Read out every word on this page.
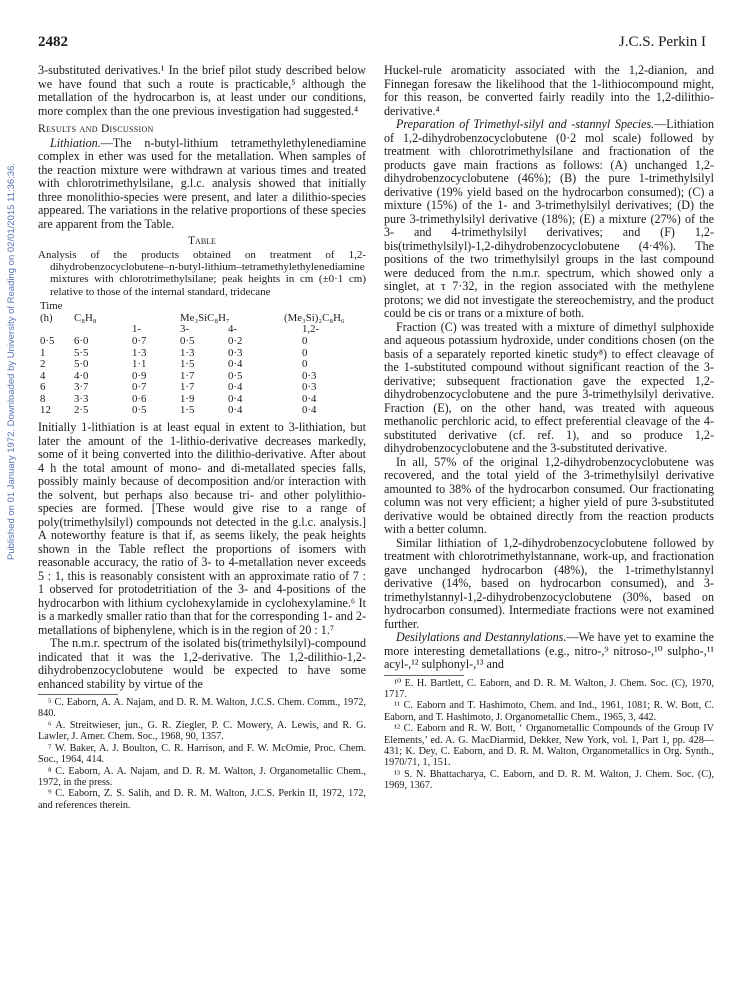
2482	J.C.S. Perkin I
Published on 01 January 1972. Downloaded by University of Reading on 02/01/2015 11:36:36.

3-substituted derivatives.¹ In the brief pilot study described below we have found that such a route is practicable,⁵ although the metallation of the hydrocarbon is, at least under our conditions, more complex than the one previous investigation had suggested.⁴

Results and Discussion

Lithiation.—The n-butyl-lithium tetramethylethylenediamine complex in ether was used for the metallation. When samples of the reaction mixture were withdrawn at various times and treated with chlorotrimethylsilane, g.l.c. analysis showed that initially three monolithio-species were present, and later a dilithio-species appeared. The variations in the relative proportions of these species are apparent from the Table.

Table
Analysis of the products obtained on treatment of 1,2-dihydrobenzocyclobutene–n-butyl-lithium–tetramethylethylenediamine mixtures with chlorotrimethylsilane; peak heights in cm (±0·1 cm) relative to those of the internal standard, tridecane
Time					
(h)	C₈H₈		Me₃SiC₈H₇		(Me₃Si)₂C₈H₆
		1-	3-	4-	1,2-
0·5	6·0	0·7	0·5	0·2	0
1	5·5	1·3	1·3	0·3	0
2	5·0	1·1	1·5	0·4	0
4	4·0	0·9	1·7	0·5	0·3
6	3·7	0·7	1·7	0·4	0·3
8	3·3	0·6	1·9	0·4	0·4
12	2·5	0·5	1·5	0·4	0·4

Initially 1-lithiation is at least equal in extent to 3-lithiation, but later the amount of the 1-lithio-derivative decreases markedly, some of it being converted into the dilithio-derivative. After about 4 h the total amount of mono- and di-metallated species falls, possibly mainly because of decomposition and/or interaction with the solvent, but perhaps also because tri- and other polylithio-species are formed. [These would give rise to a range of poly(trimethylsilyl) compounds not detected in the g.l.c. analysis.] A noteworthy feature is that if, as seems likely, the peak heights shown in the Table reflect the proportions of isomers with reasonable accuracy, the ratio of 3- to 4-metallation never exceeds 5 : 1, this is reasonably consistent with an approximate ratio of 7 : 1 observed for protodetritiation of the 3- and 4-positions of the hydrocarbon with lithium cyclohexylamide in cyclohexylamine.⁶ It is a markedly smaller ratio than that for the corresponding 1- and 2-metallations of biphenylene, which is in the region of 20 : 1.⁷

The n.m.r. spectrum of the isolated bis(trimethylsilyl)-compound indicated that it was the 1,2-derivative. The 1,2-dilithio-1,2-dihydrobenzocyclobutene would be expected to have some enhanced stability by virtue of the

⁵ C. Eaborn, A. A. Najam, and D. R. M. Walton, J.C.S. Chem. Comm., 1972, 840.

⁶ A. Streitwieser, jun., G. R. Ziegler, P. C. Mowery, A. Lewis, and R. G. Lawler, J. Amer. Chem. Soc., 1968, 90, 1357.

⁷ W. Baker, A. J. Boulton, C. R. Harrison, and F. W. McOmie, Proc. Chem. Soc., 1964, 414.

⁸ C. Eaborn, A. A. Najam, and D. R. M. Walton, J. Organometallic Chem., 1972, in the press.

⁹ C. Eaborn, Z. S. Salih, and D. R. M. Walton, J.C.S. Perkin II, 1972, 172, and references therein.

Huckel-rule aromaticity associated with the 1,2-dianion, and Finnegan foresaw the likelihood that the 1-lithiocompound might, for this reason, be converted fairly readily into the 1,2-dilithio-derivative.⁴

Preparation of Trimethyl-silyl and -stannyl Species.—Lithiation of 1,2-dihydrobenzocyclobutene (0·2 mol scale) followed by treatment with chlorotrimethylsilane and fractionation of the products gave main fractions as follows: (A) unchanged 1,2-dihydrobenzocyclobutene (46%); (B) the pure 1-trimethylsilyl derivative (19% yield based on the hydrocarbon consumed); (C) a mixture (15%) of the 1- and 3-trimethylsilyl derivatives; (D) the pure 3-trimethylsilyl derivative (18%); (E) a mixture (27%) of the 3- and 4-trimethylsilyl derivatives; and (F) 1,2-bis(trimethylsilyl)-1,2-dihydrobenzocyclobutene (4·4%). The positions of the two trimethylsilyl groups in the last compound were deduced from the n.m.r. spectrum, which showed only a singlet, at τ 7·32, in the region associated with the methylene protons; we did not investigate the stereochemistry, and the product could be cis or trans or a mixture of both.

Fraction (C) was treated with a mixture of dimethyl sulphoxide and aqueous potassium hydroxide, under conditions chosen (on the basis of a separately reported kinetic study⁸) to effect cleavage of the 1-substituted compound without significant reaction of the 3-derivative; subsequent fractionation gave the expected 1,2-dihydrobenzocyclobutene and the pure 3-trimethylsilyl derivative. Fraction (E), on the other hand, was treated with aqueous methanolic perchloric acid, to effect preferential cleavage of the 4-substituted derivative (cf. ref. 1), and so produce 1,2-dihydrobenzocyclobutene and the 3-substituted derivative.

In all, 57% of the original 1,2-dihydrobenzocyclobutene was recovered, and the total yield of the 3-trimethylsilyl derivative amounted to 38% of the hydrocarbon consumed. Our fractionating column was not very efficient; a higher yield of pure 3-substituted derivative would be obtained directly from the reaction products with a better column.

Similar lithiation of 1,2-dihydrobenzocyclobutene followed by treatment with chlorotrimethylstannane, work-up, and fractionation gave unchanged hydrocarbon (48%), the 1-trimethylstannyl derivative (14%, based on hydrocarbon consumed), and 3-trimethylstannyl-1,2-dihydrobenzocyclobutene (30%, based on hydrocarbon consumed). Intermediate fractions were not examined further.

Desilylations and Destannylations.—We have yet to examine the more interesting demetallations (e.g., nitro-,⁹ nitroso-,¹⁰ sulpho-,¹¹ acyl-,¹² sulphonyl-,¹³ and

¹⁰ E. H. Bartlett, C. Eaborn, and D. R. M. Walton, J. Chem. Soc. (C), 1970, 1717.

¹¹ C. Eaborn and T. Hashimoto, Chem. and Ind., 1961, 1081; R. W. Bott, C. Eaborn, and T. Hashimoto, J. Organometallic Chem., 1965, 3, 442.

¹² C. Eaborn and R. W. Bott, ‘ Organometallic Compounds of the Group IV Elements,’ ed. A. G. MacDiarmid, Dekker, New York, vol. 1, Part 1, pp. 428—431; K. Dey, C. Eaborn, and D. R. M. Walton, Organometallics in Org. Synth., 1970/71, 1, 151.

¹³ S. N. Bhattacharya, C. Eaborn, and D. R. M. Walton, J. Chem. Soc. (C), 1969, 1367.
